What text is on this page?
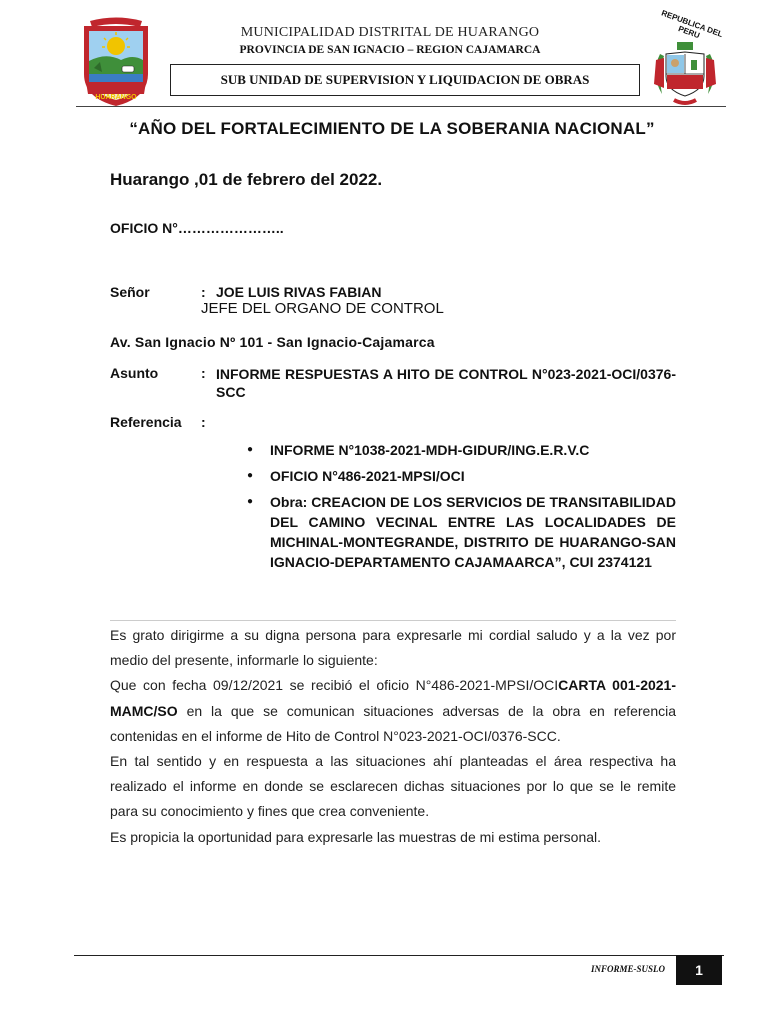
HUARANGO
REPUBLICA DEL PERU
MUNICIPALIDAD DISTRITAL DE HUARANGO
PROVINCIA DE SAN IGNACIO – REGION CAJAMARCA
SUB UNIDAD DE SUPERVISION Y LIQUIDACION DE OBRAS
“AÑO DEL FORTALECIMIENTO DE LA SOBERANIA NACIONAL”
Huarango ,01 de febrero del 2022.
OFICIO N°…………………..
Señor	: JOE LUIS RIVAS FABIAN
JEFE DEL ORGANO DE CONTROL
Av. San Ignacio Nº 101 - San Ignacio-Cajamarca
Asunto	: INFORME RESPUESTAS A HITO DE CONTROL N°023-2021-OCI/0376-SCC
Referencia :
● INFORME N°1038-2021-MDH-GIDUR/ING.E.R.V.C
● OFICIO N°486-2021-MPSI/OCI
● Obra: CREACION DE LOS SERVICIOS DE TRANSITABILIDAD DEL CAMINO VECINAL ENTRE LAS LOCALIDADES DE MICHINAL-MONTEGRANDE, DISTRITO DE HUARANGO-SAN IGNACIO-DEPARTAMENTO CAJAMAARCA”, CUI 2374121

Es grato dirigirme a su digna persona para expresarle mi cordial saludo y a la vez por medio del presente, informarle lo siguiente:

Que con fecha 09/12/2021 se recibió el oficio N°486-2021-MPSI/OCICARTA 001-2021-MAMC/SO en la que se comunican situaciones adversas de la obra en referencia contenidas en el informe de Hito de Control N°023-2021-OCI/0376-SCC.

En tal sentido y en respuesta a las situaciones ahí planteadas el área respectiva ha realizado el informe en donde se esclarecen dichas situaciones por lo que se le remite para su conocimiento y fines que crea conveniente.

Es propicia la oportunidad para expresarle las muestras de mi estima personal.

INFORME-SUSLO	1
